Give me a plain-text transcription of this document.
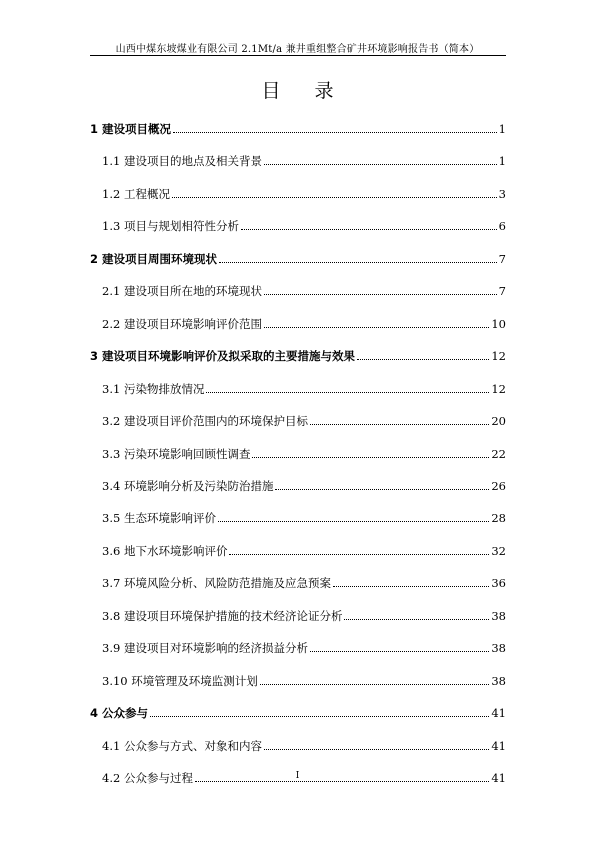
山西中煤东坡煤业有限公司 2.1Mt/a 兼井重组整合矿井环境影响报告书（简本）
目 录
1 建设项目概况	1
1.1 建设项目的地点及相关背景	1
1.2 工程概况	3
1.3 项目与规划相符性分析	6
2 建设项目周围环境现状	7
2.1 建设项目所在地的环境现状	7
2.2 建设项目环境影响评价范围	10
3 建设项目环境影响评价及拟采取的主要措施与效果	12
3.1 污染物排放情况	12
3.2 建设项目评价范围内的环境保护目标	20
3.3 污染环境影响回顾性调查	22
3.4 环境影响分析及污染防治措施	26
3.5 生态环境影响评价	28
3.6 地下水环境影响评价	32
3.7 环境风险分析、风险防范措施及应急预案	36
3.8 建设项目环境保护措施的技术经济论证分析	38
3.9 建设项目对环境影响的经济损益分析	38
3.10 环境管理及环境监测计划	38
4 公众参与	41
4.1 公众参与方式、对象和内容	41
4.2 公众参与过程	41
I
